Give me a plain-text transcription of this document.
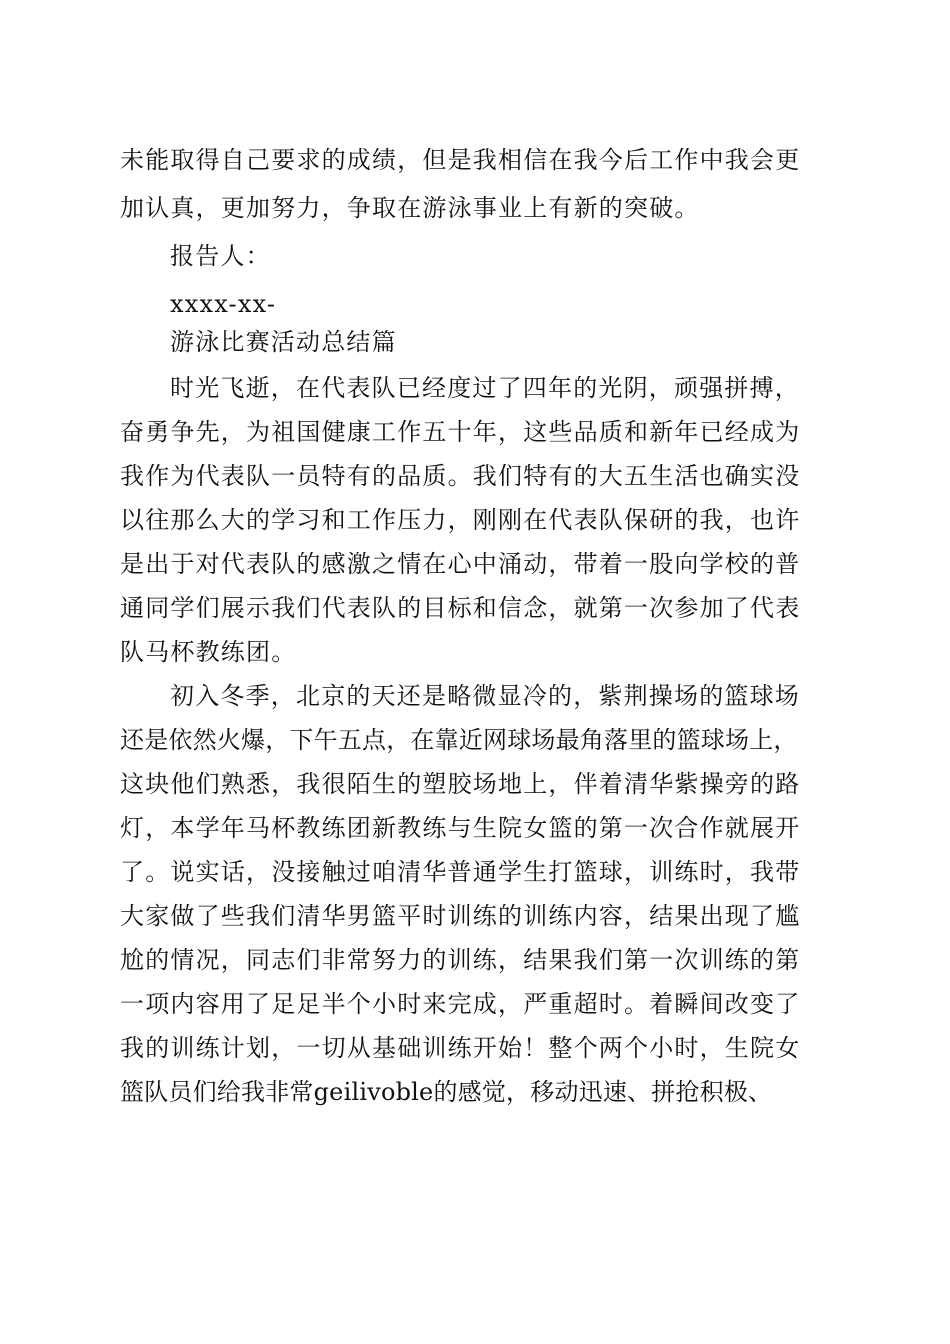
未能取得自己要求的成绩，但是我相信在我今后工作中我会更
加认真，更加努力，争取在游泳事业上有新的突破。
报告人：
xxxx-xx-
游泳比赛活动总结篇
时光飞逝，在代表队已经度过了四年的光阴，顽强拼搏，
奋勇争先，为祖国健康工作五十年，这些品质和新年已经成为
我作为代表队一员特有的品质。我们特有的大五生活也确实没
以往那么大的学习和工作压力，刚刚在代表队保研的我，也许
是出于对代表队的感激之情在心中涌动，带着一股向学校的普
通同学们展示我们代表队的目标和信念，就第一次参加了代表
队马杯教练团。
初入冬季，北京的天还是略微显冷的，紫荆操场的篮球场
还是依然火爆，下午五点，在靠近网球场最角落里的篮球场上，
这块他们熟悉，我很陌生的塑胶场地上，伴着清华紫操旁的路
灯，本学年马杯教练团新教练与生院女篮的第一次合作就展开
了。说实话，没接触过咱清华普通学生打篮球，训练时，我带
大家做了些我们清华男篮平时训练的训练内容，结果出现了尴
尬的情况，同志们非常努力的训练，结果我们第一次训练的第
一项内容用了足足半个小时来完成，严重超时。着瞬间改变了
我的训练计划，一切从基础训练开始！整个两个小时，生院女
篮队员们给我非常geilivoble的感觉，移动迅速、拼抢积极、
